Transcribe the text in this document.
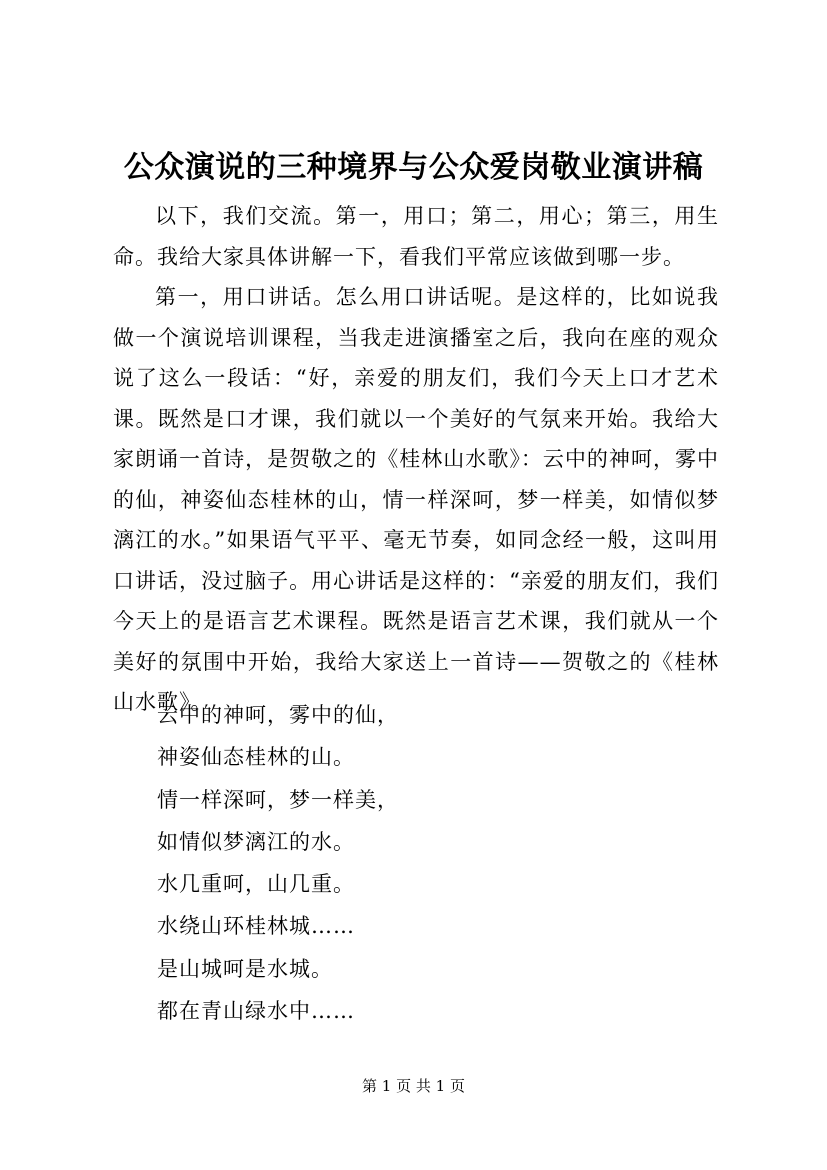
公众演说的三种境界与公众爱岗敬业演讲稿

以下，我们交流。第一，用口；第二，用心；第三，用生命。我给大家具体讲解一下，看我们平常应该做到哪一步。

第一，用口讲话。怎么用口讲话呢。是这样的，比如说我做一个演说培训课程，当我走进演播室之后，我向在座的观众说了这么一段话：“好，亲爱的朋友们，我们今天上口才艺术课。既然是口才课，我们就以一个美好的气氛来开始。我给大家朗诵一首诗，是贺敬之的《桂林山水歌》：云中的神呵，雾中的仙，神姿仙态桂林的山，情一样深呵，梦一样美，如情似梦漓江的水。”如果语气平平、毫无节奏，如同念经一般，这叫用口讲话，没过脑子。用心讲话是这样的：“亲爱的朋友们，我们今天上的是语言艺术课程。既然是语言艺术课，我们就从一个美好的氛围中开始，我给大家送上一首诗——贺敬之的《桂林山水歌》。

云中的神呵，雾中的仙，
神姿仙态桂林的山。
情一样深呵，梦一样美，
如情似梦漓江的水。
水几重呵，山几重。
水绕山环桂林城……
是山城呵是水城。
都在青山绿水中……
第 1 页 共 1 页
